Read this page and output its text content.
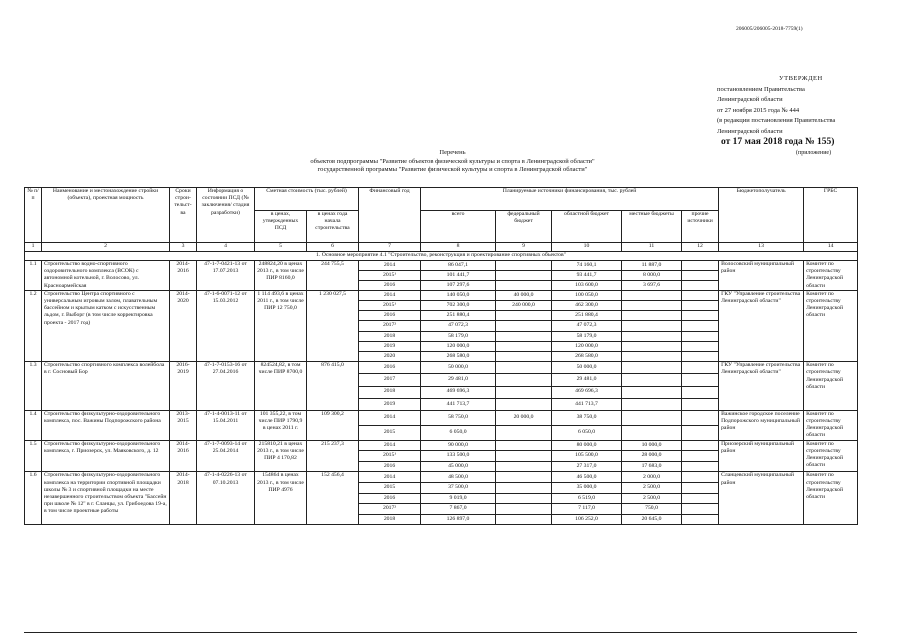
206005/206005-2018-7759(1)
УТВЕРЖДЕН
постановлением Правительства
Ленинградской области
от 27 ноября 2015 года № 444
(в редакции постановления Правительства
Ленинградской области
от 17 мая 2018 года № 155)
(приложение)
Перечень
объектов подпрограммы "Развитие объектов физической культуры и спорта в Ленинградской области"
государственной программы "Развитие физической культуры и спорта в Ленинградской области"
№ п/п	Наименование и местонахождение стройки (объекта), проектная мощность	Сроки строи-тельст-ва	Информация о состоянии ПСД (№ заключения/ стадия разработки)	Сметная стоимость (тыс. рублей)		Финансовый год	Планируемые источники финансирования, тыс. рублей					Бюджетополучатель	ГРБС
				в ценах, утвержденных ПСД	в ценах года начала строительства		всего	федеральный бюджет	областной бюджет	местные бюджеты	прочие источники		
1	2	3	4	5	6	7	8	9	10	11	12	13	14
1. Основное мероприятие 4.1 "Строительство, реконструкция и проектирование спортивных объектов"													
1.1	Строительство водно-спортивного оздоровительного комплекса (ВСОК) с автономной котельной, г. Волосово, ул. Красноармейская	2014-2016	47-1-7-0421-13 от 17.07.2013	248824,20 в ценах 2013 г., в том числе ПИР 8160,0	244 755,5	2014	86 047,1		74 160,1	11 887,0		Волосовский муниципальный район	Комитет по строительству Ленинградской области
						2015¹	101 441,7		93 441,7	8 000,0			
						2016	107 297,6		103 600,0	3 697,6			
1.2	Строительство Центра спортивного с универсальным игровым залом, плавательным бассейном и крытым катком с искусственным льдом, г. Выборг (в том числе корректировка проекта - 2017 год)	2014-2020	47-1-6-0071-12 от 15.03.2012	1 114 493,6 в ценах 2011 г., в том числе ПИР 12 750,0	1 230 027,5	2014	140 050,0	40 000,0	100 050,0			ГКУ "Управление строительства Ленинградской области"	Комитет по строительству Ленинградской области
						2015¹	702 300,0	240 000,0	462 300,0				
						2016	251 880,4		251 880,4				
						2017²	47 072,3		47 072,3				
						2018	58 179,0		58 179,0				
						2019	120 000,0		120 000,0				
						2020	268 580,0		268 580,0				
1.3	Строительство спортивного комплекса волейбола в г. Сосновый Бор	2016-2019	47-1-7-0153-16 от 27.04.2016	824524,82, в том числе ПИР 8700,0	876 415,0	2016	50 000,0		50 000,0			ГКУ "Управление строительства Ленинградской области"	Комитет по строительству Ленинградской области
						2017	29 481,0		29 481,0				
						2018	469 696,3		469 696,3				
						2019	441 713,7		441 713,7				
1.4	Строительство физкультурно-оздоровительного комплекса, пос. Важины Подпорожского района	2013-2015	47-1-4-0013-11 от 15.04.2011	101 355,22, в том числе ПИР 1790,9 в ценах 2011 г.	109 300,2	2014	58 750,0	20 000,0	38 750,0			Важинское городское поселение Подпорожского муниципальный район	Комитет по строительству Ленинградской области
						2015	6 050,0		6 050,0				
1.5	Строительство физкультурно-оздоровительного комплекса, г. Приозерск, ул. Маяковского, д. 12	2014-2016	47-1-7-0093-14 от 25.04.2014	215810,21 в ценах 2013 г., в том числе ПИР 4 170,82	215 237,3	2014	90 000,0		80 000,0	10 000,0		Приозерский муниципальный район	Комитет по строительству Ленинградской области
						2015¹	133 500,0		105 500,0	28 000,0			
						2016	45 000,0		27 317,0	17 683,0			
1.6	Строительство физкультурно-оздоровительного комплекса на территории спортивной площадки школы № 3 и спортивной площадки на месте незавершенного строительством объекта "Бассейн при школе № 12" в г. Сланцы, ул. Грибоедова 19-а, в том числе проектные работы	2014-2018	47-1-4-0226-13 от 07.10.2013	154864 в ценах 2013 г., в том числе ПИР 4976	152 456,4	2014	48 500,0		46 500,0	2 000,0		Сланцевский муниципальный район	Комитет по строительству Ленинградской области
						2015	37 500,0		35 000,0	2 500,0			
						2016	9 019,0		6 519,0	2 500,0			
						2017²	7 867,0		7 117,0	750,0			
						2018	126 897,0		106 252,0	20 645,0			
